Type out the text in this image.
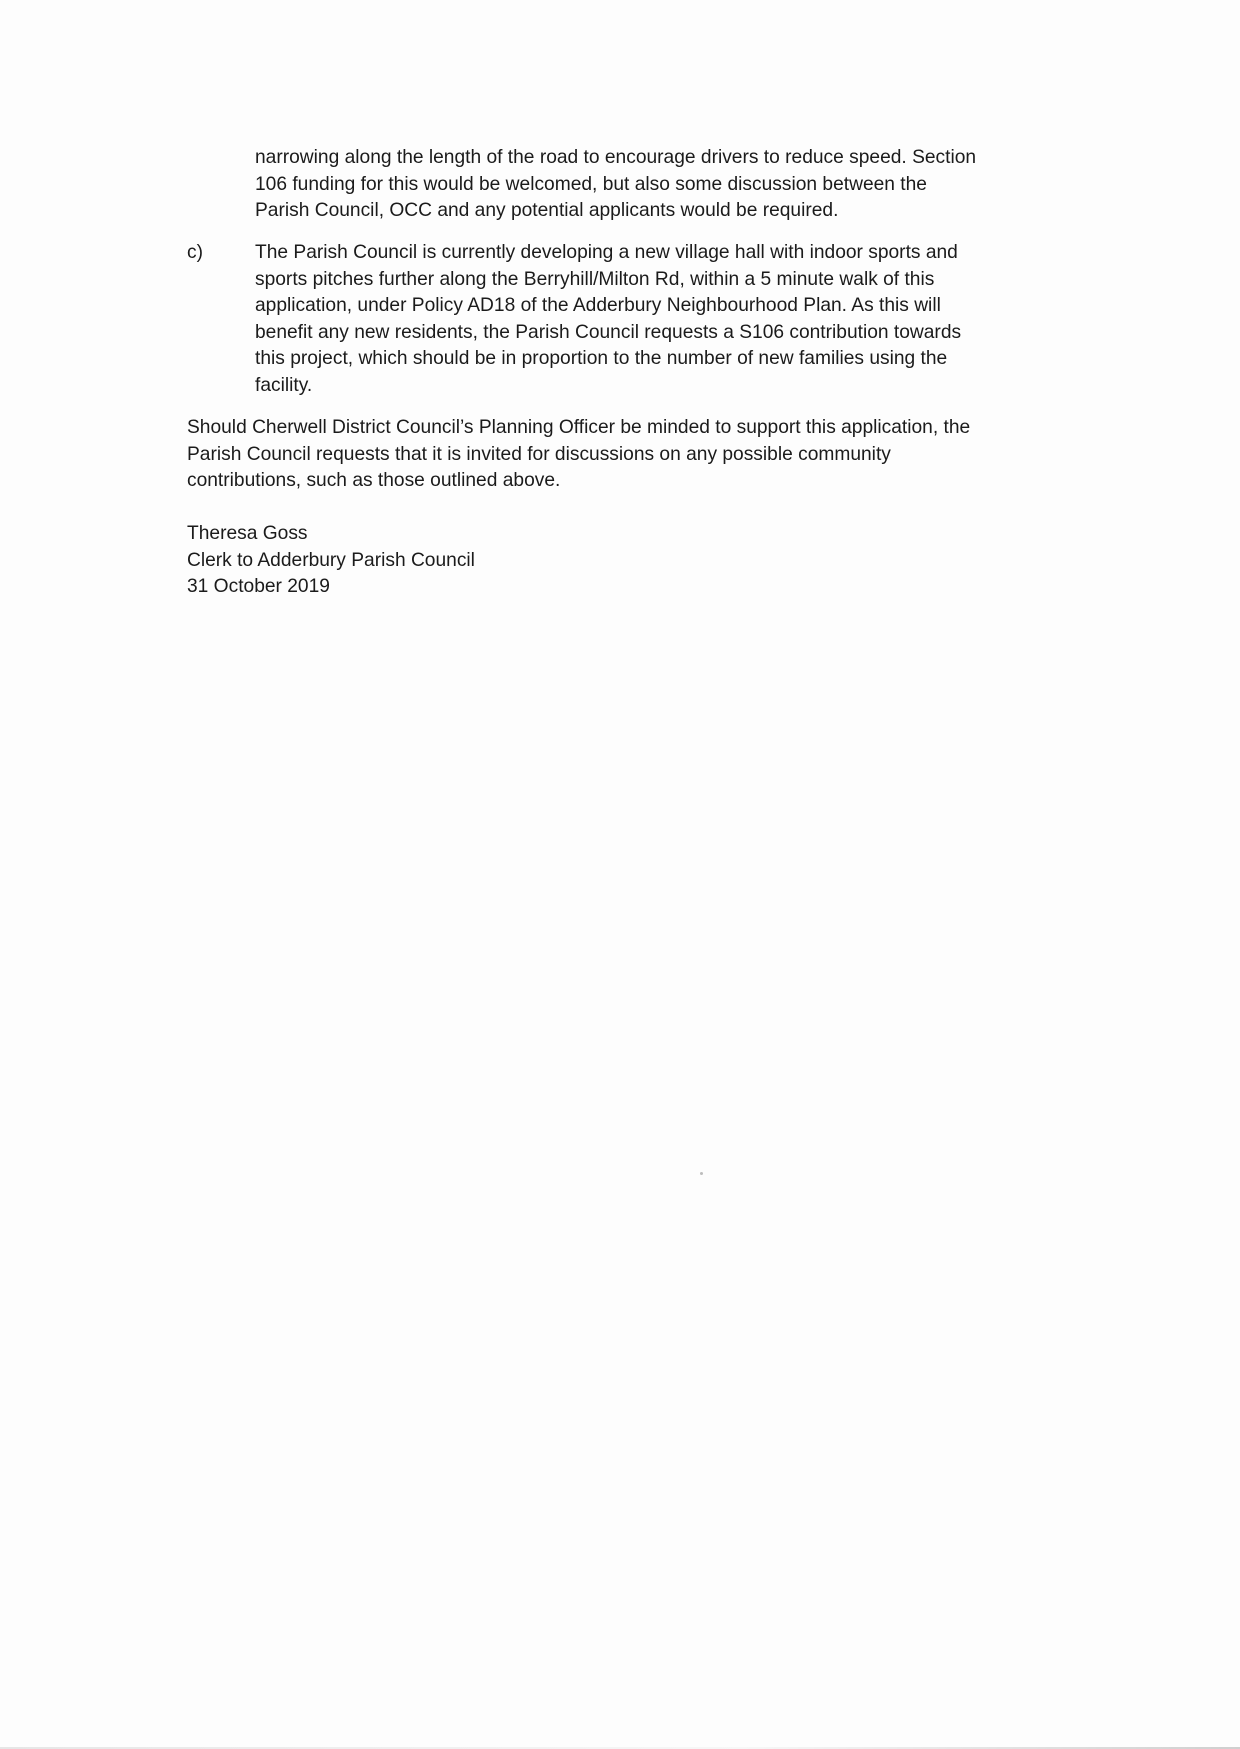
narrowing along the length of the road to encourage drivers to reduce speed. Section
106 funding for this would be welcomed, but also some discussion between the
Parish Council, OCC and any potential applicants would be required.

c)	The Parish Council is currently developing a new village hall with indoor sports and
sports pitches further along the Berryhill/Milton Rd, within a 5 minute walk of this
application, under Policy AD18 of the Adderbury Neighbourhood Plan. As this will
benefit any new residents, the Parish Council requests a S106 contribution towards
this project, which should be in proportion to the number of new families using the
facility.

Should Cherwell District Council’s Planning Officer be minded to support this application, the
Parish Council requests that it is invited for discussions on any possible community
contributions, such as those outlined above.

Theresa Goss
Clerk to Adderbury Parish Council
31 October 2019
